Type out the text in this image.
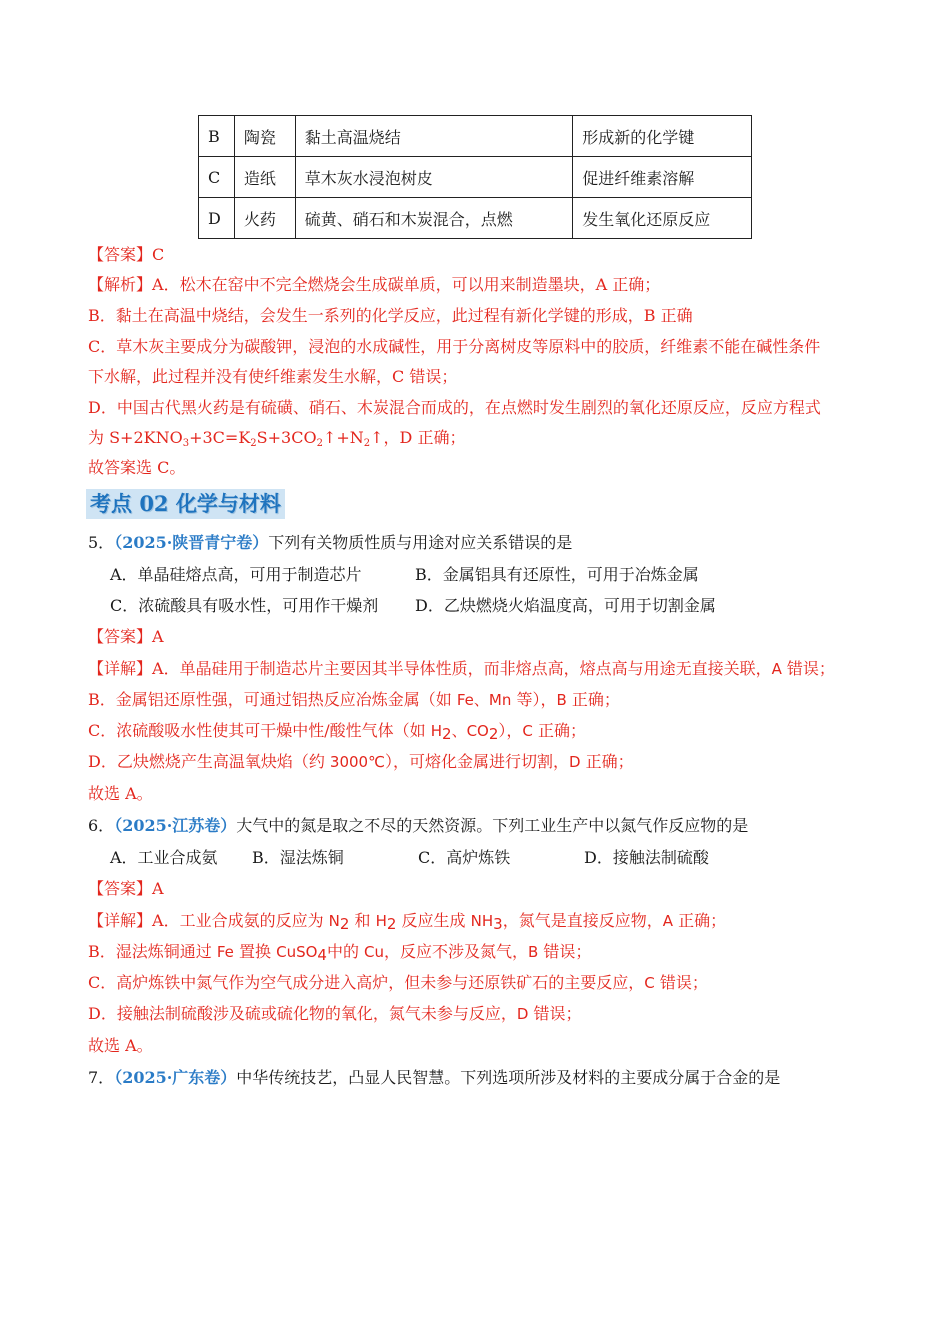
B	陶瓷	黏土高温烧结	形成新的化学键
C	造纸	草木灰水浸泡树皮	促进纤维素溶解
D	火药	硫黄、硝石和木炭混合，点燃	发生氧化还原反应
【答案】C
【解析】A．松木在窑中不完全燃烧会生成碳单质，可以用来制造墨块，A 正确；
B．黏土在高温中烧结，会发生一系列的化学反应，此过程有新化学键的形成，B 正确
C．草木灰主要成分为碳酸钾，浸泡的水成碱性，用于分离树皮等原料中的胶质，纤维素不能在碱性条件
下水解，此过程并没有使纤维素发生水解，C 错误；
D．中国古代黑火药是有硫磺、硝石、木炭混合而成的，在点燃时发生剧烈的氧化还原反应，反应方程式
为 $S+2KNO_3+3C=K_2S+3CO_2↑+N_2↑$，D 正确；
故答案选 C。
考点 02 化学与材料
5．（2025·陕晋青宁卷）下列有关物质性质与用途对应关系错误的是
A．单晶硅熔点高，可用于制造芯片	B．金属铝具有还原性，可用于冶炼金属
C．浓硫酸具有吸水性，可用作干燥剂 D．乙炔燃烧火焰温度高，可用于切割金属
【答案】A
【详解】A．单晶硅用于制造芯片主要因其半导体性质，而非熔点高，熔点高与用途无直接关联，A 错误；
B．金属铝还原性强，可通过铝热反应冶炼金属（如 Fe、Mn 等），B 正确；
C．浓硫酸吸水性使其可干燥中性/酸性气体（如 $H_2$、$CO_2$），C 正确；
D．乙炔燃烧产生高温氧炔焰（约 3000℃），可熔化金属进行切割，D 正确；
故选 A。
6．（2025·江苏卷）大气中的氮是取之不尽的天然资源。下列工业生产中以氮气作反应物的是
A．工业合成氨 B．湿法炼铜	C．高炉炼铁	D．接触法制硫酸
【答案】A
【详解】A．工业合成氨的反应为 $N_2$ 和 $H_2$ 反应生成 $NH_3$，氮气是直接反应物，A 正确；
B．湿法炼铜通过 Fe 置换 CuSO$_4$中的 Cu，反应不涉及氮气，B 错误；
C．高炉炼铁中氮气作为空气成分进入高炉，但未参与还原铁矿石的主要反应，C 错误；
D．接触法制硫酸涉及硫或硫化物的氧化，氮气未参与反应，D 错误；
故选 A。
7．（2025·广东卷）中华传统技艺，凸显人民智慧。下列选项所涉及材料的主要成分属于合金的是
